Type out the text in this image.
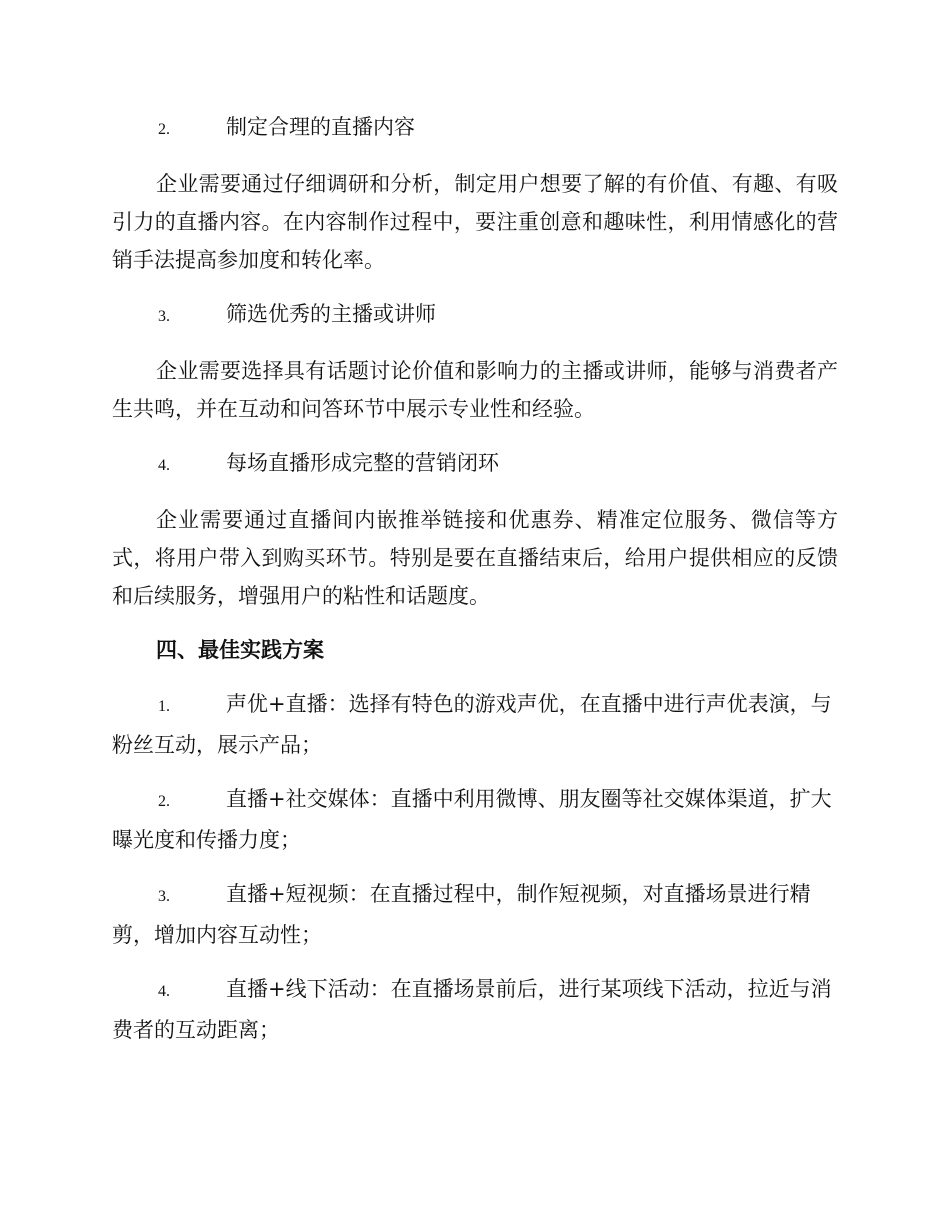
2.	制定合理的直播内容

企业需要通过仔细调研和分析，制定用户想要了解的有价值、有趣、有吸引力的直播内容。在内容制作过程中，要注重创意和趣味性，利用情感化的营销手法提高参加度和转化率。

3.	筛选优秀的主播或讲师

企业需要选择具有话题讨论价值和影响力的主播或讲师，能够与消费者产生共鸣，并在互动和问答环节中展示专业性和经验。

4.	每场直播形成完整的营销闭环

企业需要通过直播间内嵌推举链接和优惠券、精准定位服务、微信等方式，将用户带入到购买环节。特别是要在直播结束后，给用户提供相应的反馈和后续服务，增强用户的粘性和话题度。

四、最佳实践方案

1.	声优+直播：选择有特色的游戏声优，在直播中进行声优表演，与粉丝互动，展示产品；

2.	直播+社交媒体：直播中利用微博、朋友圈等社交媒体渠道，扩大曝光度和传播力度；

3.	直播+短视频：在直播过程中，制作短视频，对直播场景进行精剪，增加内容互动性；

4.	直播+线下活动：在直播场景前后，进行某项线下活动，拉近与消费者的互动距离；
